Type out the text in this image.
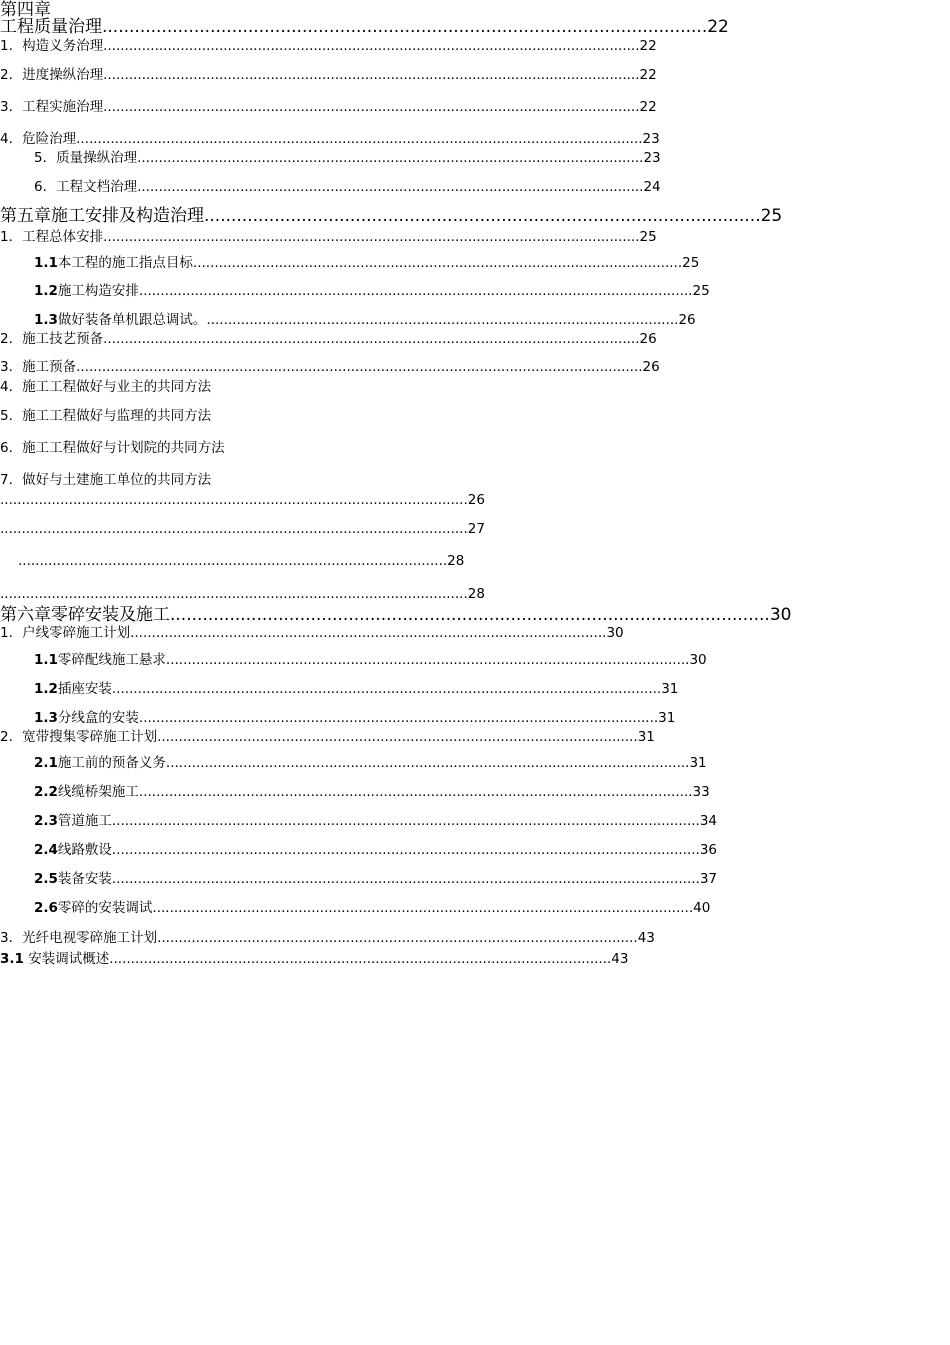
第四章
工程质量治理................................................................................................................22
1．构造义务治理.............................................................................................................................22
2．进度操纵治理.............................................................................................................................22
3．工程实施治理.............................................................................................................................22
4．危险治理....................................................................................................................................23
5．质量操纵治理......................................................................................................................23
6．工程文档治理......................................................................................................................24
第五章施工安排及构造治理.......................................................................................................25
1．工程总体安排.............................................................................................................................25
1.1本工程的施工指点目标..................................................................................................................25
1.2施工构造安排.................................................................................................................................25
1.3做好装备单机跟总调试。..............................................................................................................26
2．施工技艺预备.............................................................................................................................26
3．施工预备....................................................................................................................................26
4．施工工程做好与业主的共同方法
5．施工工程做好与监理的共同方法
6．施工工程做好与计划院的共同方法
7．做好与土建施工单位的共同方法
.............................................................................................................26
.............................................................................................................27
....................................................................................................28
.............................................................................................................28
第六章零碎安装及施工...............................................................................................................30
1．户线零碎施工计划...............................................................................................................30
1.1零碎配线施工悬求..........................................................................................................................30
1.2插座安装................................................................................................................................31
1.3分线盒的安装.........................................................................................................................31
2．宽带搜集零碎施工计划................................................................................................................31
2.1施工前的预备义务..........................................................................................................................31
2.2线缆桥架施工.................................................................................................................................33
2.3管道施工.........................................................................................................................................34
2.4线路敷设.........................................................................................................................................36
2.5装备安装.........................................................................................................................................37
2.6零碎的安装调试..............................................................................................................................40
3．光纤电视零碎施工计划................................................................................................................43
3.1 安装调试概述.....................................................................................................................43
